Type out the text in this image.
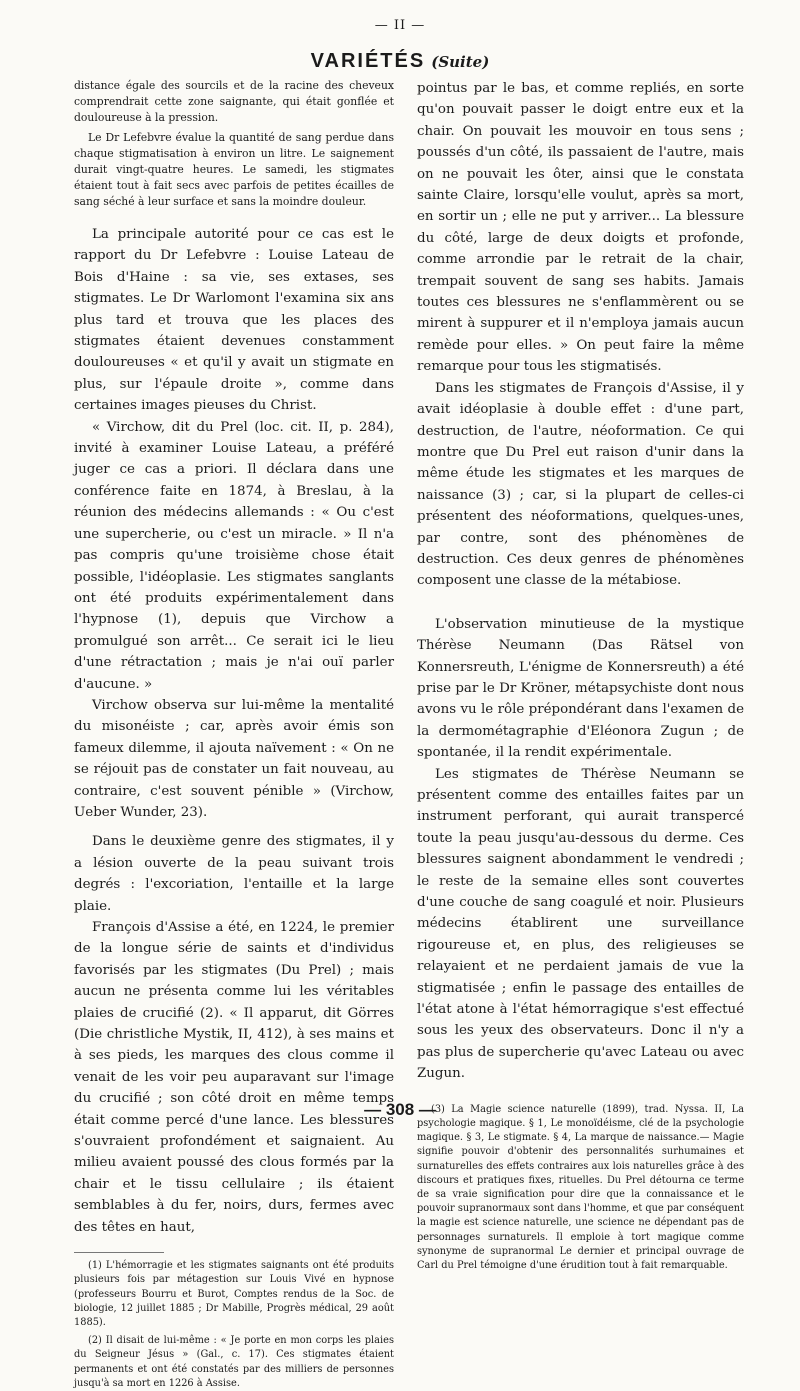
— II —
VARIÉTÉS (Suite)

distance égale des sourcils et de la racine des cheveux comprendrait cette zone saignante, qui était gonflée et douloureuse à la pression.

Le Dr Lefebvre évalue la quantité de sang perdue dans chaque stigmatisation à environ un litre. Le saignement durait vingt-quatre heures. Le samedi, les stigmates étaient tout à fait secs avec parfois de petites écailles de sang séché à leur surface et sans la moindre douleur.

La principale autorité pour ce cas est le rapport du Dr Lefebvre : Louise Lateau de Bois d'Haine : sa vie, ses extases, ses stigmates. Le Dr Warlomont l'examina six ans plus tard et trouva que les places des stigmates étaient devenues constamment douloureuses « et qu'il y avait un stigmate en plus, sur l'épaule droite », comme dans certaines images pieuses du Christ.

« Virchow, dit du Prel (loc. cit. II, p. 284), invité à examiner Louise Lateau, a préféré juger ce cas a priori. Il déclara dans une conférence faite en 1874, à Breslau, à la réunion des médecins allemands : « Ou c'est une supercherie, ou c'est un miracle. » Il n'a pas compris qu'une troisième chose était possible, l'idéoplasie. Les stigmates sanglants ont été produits expérimentalement dans l'hypnose (1), depuis que Virchow a promulgué son arrêt... Ce serait ici le lieu d'une rétractation ; mais je n'ai ouï parler d'aucune. »

Virchow observa sur lui-même la mentalité du misonéiste ; car, après avoir émis son fameux dilemme, il ajouta naïvement : « On ne se réjouit pas de constater un fait nouveau, au contraire, c'est souvent pénible » (Virchow, Ueber Wunder, 23).

Dans le deuxième genre des stigmates, il y a lésion ouverte de la peau suivant trois degrés : l'excoriation, l'entaille et la large plaie.

François d'Assise a été, en 1224, le premier de la longue série de saints et d'individus favorisés par les stigmates (Du Prel) ; mais aucun ne présenta comme lui les véritables plaies de crucifié (2). « Il apparut, dit Görres (Die christliche Mystik, II, 412), à ses mains et à ses pieds, les marques des clous comme il venait de les voir peu auparavant sur l'image du crucifié ; son côté droit en même temps était comme percé d'une lance. Les blessures s'ouvraient profondément et saignaient. Au milieu avaient poussé des clous formés par la chair et le tissu cellulaire ; ils étaient semblables à du fer, noirs, durs, fermes avec des têtes en haut,

(1) L'hémorragie et les stigmates saignants ont été produits plusieurs fois par métagestion sur Louis Vivé en hypnose (professeurs Bourru et Burot, Comptes rendus de la Soc. de biologie, 12 juillet 1885 ; Dr Mabille, Progrès médical, 29 août 1885).

(2) Il disait de lui-même : « Je porte en mon corps les plaies du Seigneur Jésus » (Gal., c. 17). Ces stigmates étaient permanents et ont été constatés par des milliers de personnes jusqu'à sa mort en 1226 à Assise.

pointus par le bas, et comme repliés, en sorte qu'on pouvait passer le doigt entre eux et la chair. On pouvait les mouvoir en tous sens ; poussés d'un côté, ils passaient de l'autre, mais on ne pouvait les ôter, ainsi que le constata sainte Claire, lorsqu'elle voulut, après sa mort, en sortir un ; elle ne put y arriver... La blessure du côté, large de deux doigts et profonde, comme arrondie par le retrait de la chair, trempait souvent de sang ses habits. Jamais toutes ces blessures ne s'enflammèrent ou se mirent à suppurer et il n'employa jamais aucun remède pour elles. » On peut faire la même remarque pour tous les stigmatisés.

Dans les stigmates de François d'Assise, il y avait idéoplasie à double effet : d'une part, destruction, de l'autre, néoformation. Ce qui montre que Du Prel eut raison d'unir dans la même étude les stigmates et les marques de naissance (3) ; car, si la plupart de celles-ci présentent des néoformations, quelques-unes, par contre, sont des phénomènes de destruction. Ces deux genres de phénomènes composent une classe de la métabiose.

L'observation minutieuse de la mystique Thérèse Neumann (Das Rätsel von Konnersreuth, L'énigme de Konnersreuth) a été prise par le Dr Kröner, métapsychiste dont nous avons vu le rôle prépondérant dans l'examen de la dermométagraphie d'Eléonora Zugun ; de spontanée, il la rendit expérimentale.

Les stigmates de Thérèse Neumann se présentent comme des entailles faites par un instrument perforant, qui aurait transpercé toute la peau jusqu'au-dessous du derme. Ces blessures saignent abondamment le vendredi ; le reste de la semaine elles sont couvertes d'une couche de sang coagulé et noir. Plusieurs médecins établirent une surveillance rigoureuse et, en plus, des religieuses se relayaient et ne perdaient jamais de vue la stigmatisée ; enfin le passage des entailles de l'état atone à l'état hémorragique s'est effectué sous les yeux des observateurs. Donc il n'y a pas plus de supercherie qu'avec Lateau ou avec Zugun.

(3) La Magie science naturelle (1899), trad. Nyssa. II, La psychologie magique. § 1, Le monoïdéisme, clé de la psychologie magique. § 3, Le stigmate. § 4, La marque de naissance.— Magie signifie pouvoir d'obtenir des personnalités surhumaines et surnaturelles des effets contraires aux lois naturelles grâce à des discours et pratiques fixes, rituelles. Du Prel détourna ce terme de sa vraie signification pour dire que la connaissance et le pouvoir supranormaux sont dans l'homme, et que par conséquent la magie est science naturelle, une science ne dépendant pas de personnages surnaturels. Il emploie à tort magique comme synonyme de supranormal Le dernier et principal ouvrage de Carl du Prel témoigne d'une érudition tout à fait remarquable.

— 308 —
